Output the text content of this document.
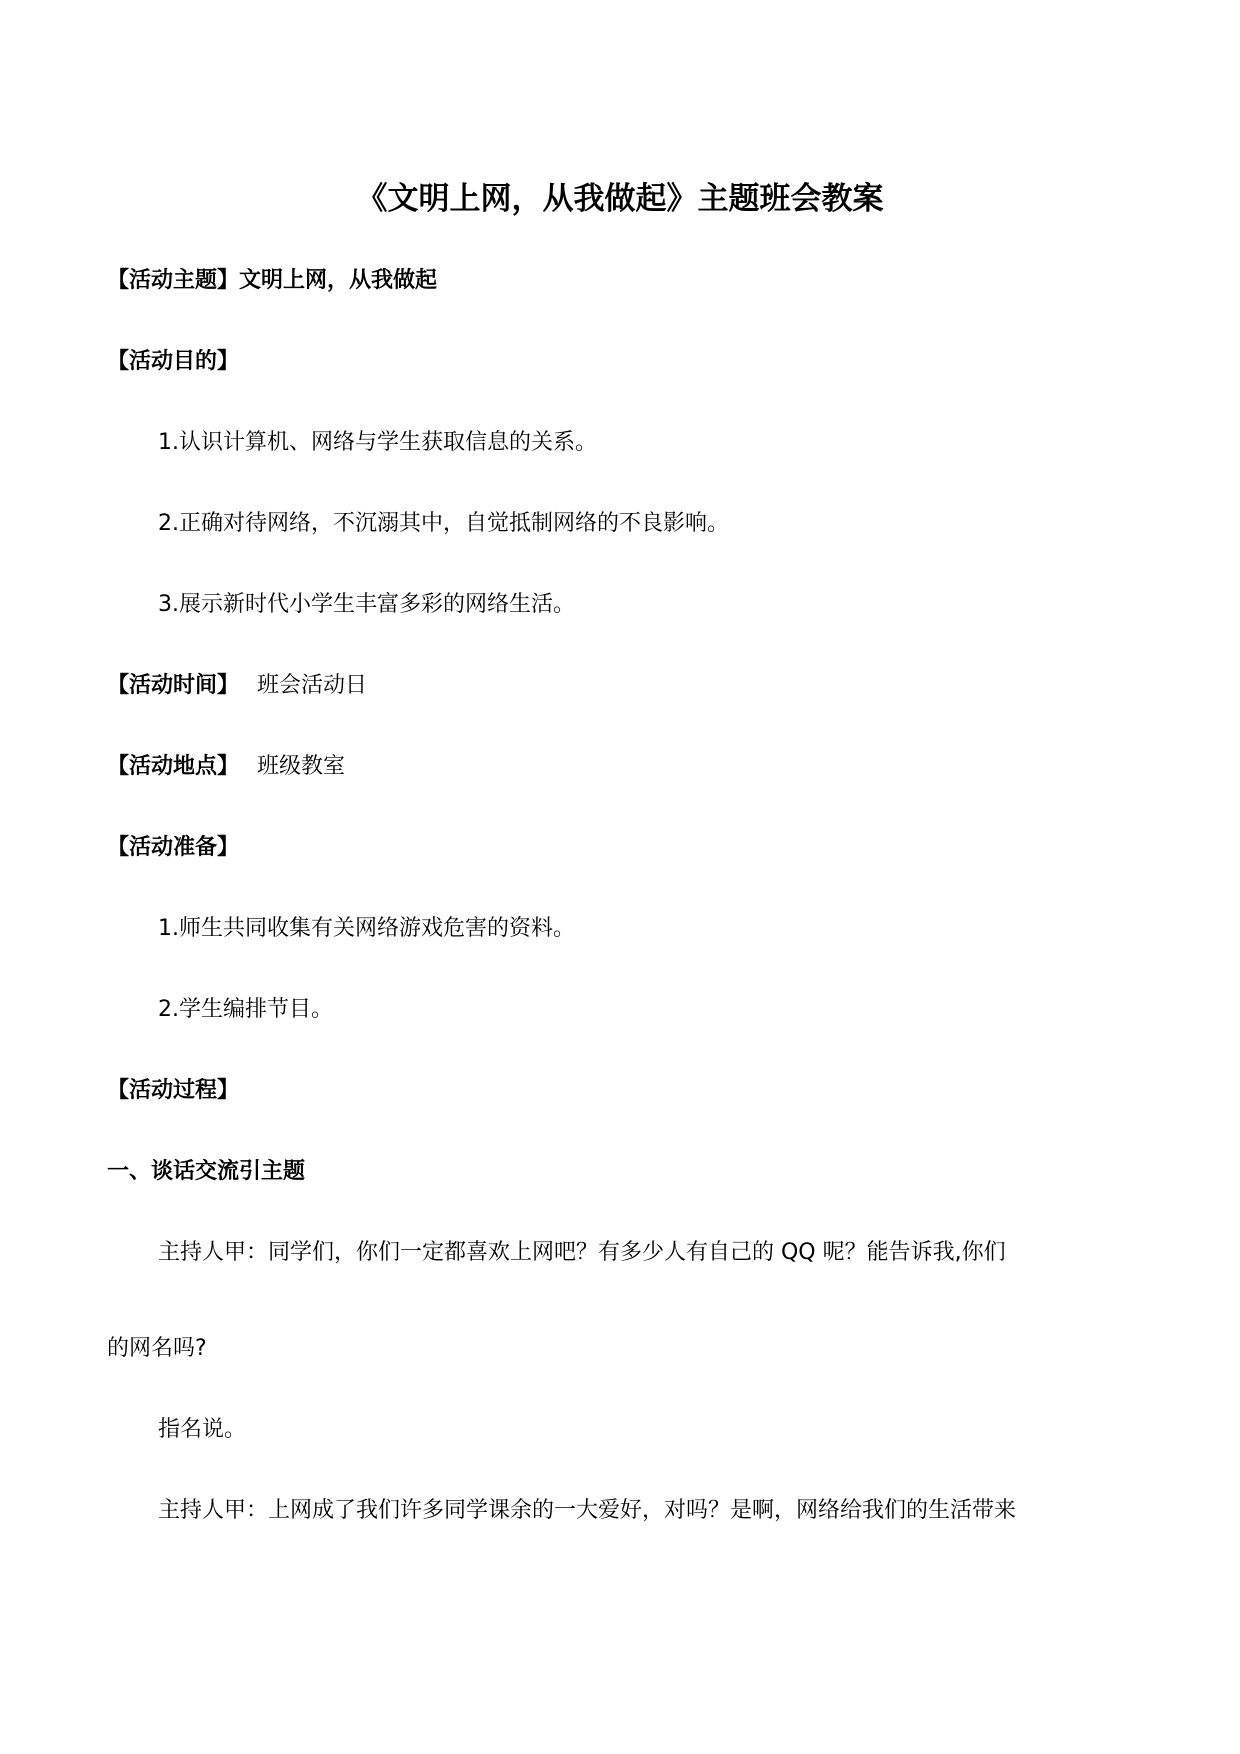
《文明上网，从我做起》主题班会教案
【活动主题】文明上网，从我做起
【活动目的】
1.认识计算机、网络与学生获取信息的关系。
2.正确对待网络，不沉溺其中，自觉抵制网络的不良影响。
3.展示新时代小学生丰富多彩的网络生活。
【活动时间】 班会活动日
【活动地点】 班级教室
【活动准备】
1.师生共同收集有关网络游戏危害的资料。
2.学生编排节目。
【活动过程】
一、谈话交流引主题
主持人甲：同学们，你们一定都喜欢上网吧？有多少人有自己的 QQ 呢？能告诉我,你们
的网名吗?
指名说。
主持人甲：上网成了我们许多同学课余的一大爱好，对吗？是啊，网络给我们的生活带来
